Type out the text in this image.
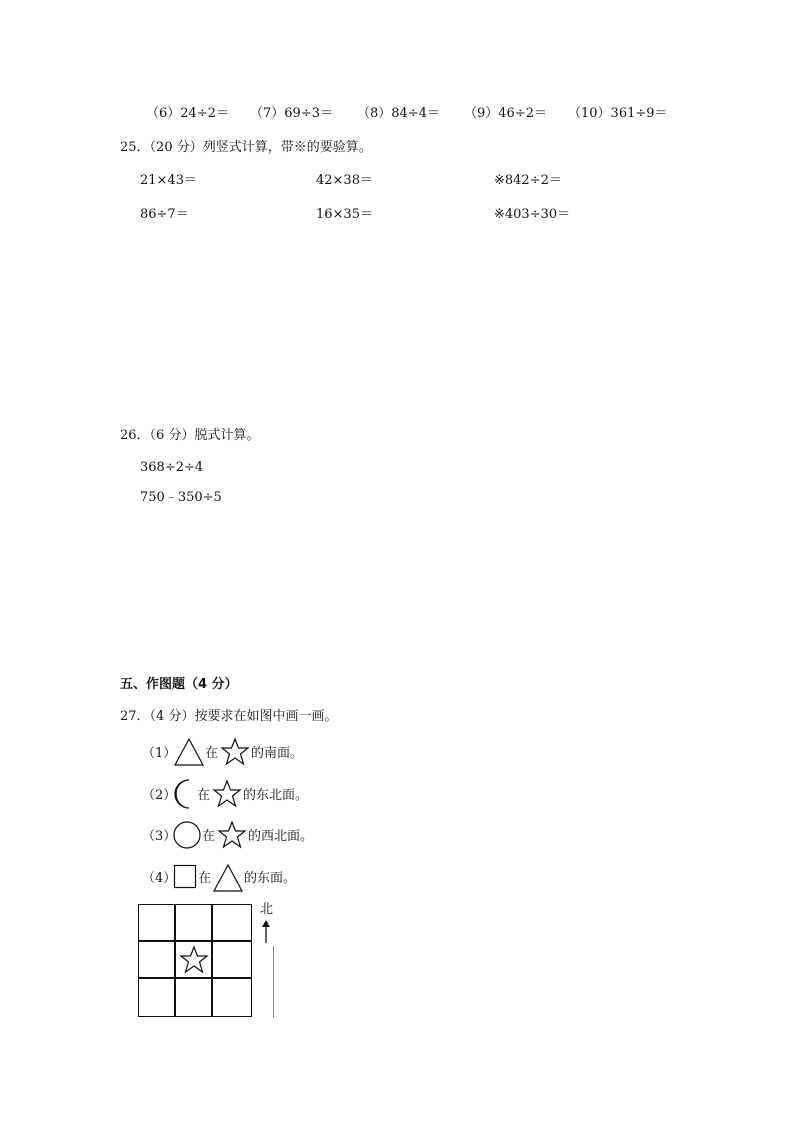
（6）24÷2＝ （7）69÷3＝ （8）84÷4＝ （9）46÷2＝ （10）361÷9＝
25．（20 分）列竖式计算，带※的要验算。
21×43＝	42×38＝	※842÷2＝
86÷7＝	16×35＝	※403÷30＝
26．（6 分）脱式计算。
368÷2÷4
750﹣350÷5
五、作图题（4 分）
27．（4 分）按要求在如图中画一画。
（1） 在	的南面。
（2） 在	的东北面。
（3） 在	的西北面。
（4） 在	的东面。
北
